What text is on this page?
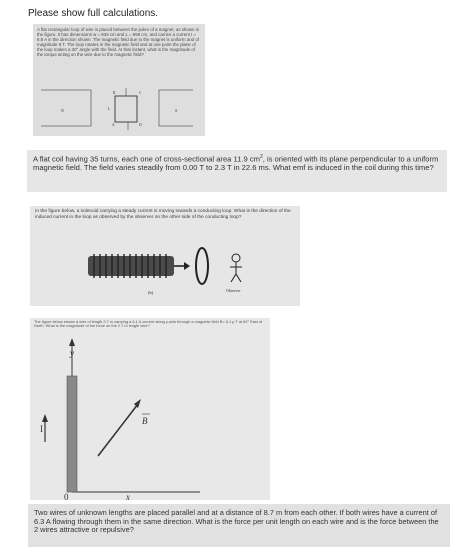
Please show full calculations.
A flat rectangular loop of wire is placed between the poles of a magnet, as shown in the figure. It has dimensions w = 839 cm and L = 859 cm, and carries a current I = 8.8 A in the direction shown. The magnetic field due to the magnet is uniform and of magnitude 9 T. The loop rotates in the magnetic field and at one point the plane of the loop makes a 30° angle with the field. At that instant, what is the magnitude of the torque acting on the wire due to the magnetic field?
N	S
B	C
A	D
L
A flat coil having 35 turns, each one of cross-sectional area 11.9 $cm^2$, is oriented with its plane perpendicular to a uniform magnetic field. The field varies steadily from 0.00 T to 2.3 T in 22.6 ms. What emf is induced in the coil during this time?
In the figure below, a solenoid carrying a steady current is moving towards a conducting loop. What is the direction of the induced current in the loop as observed by the observer on the other side of the conducting loop?
(b)	Observer
The figure below shows a wire of length 2.7 m carrying a 6.1 A current along y-axis through a magnetic field B= 6.1 µ T at 60° East of North. What is the magnitude of the force on the 2.7 m length wire?
y
x
0
I
B
Two wires of unknown lengths are placed parallel and at a distance of 8.7 m from each other. If both wires have a current of 6.3 A flowing through them in the same direction. What is the force per unit length on each wire and is the force between the 2 wires attractive or repulsive?
